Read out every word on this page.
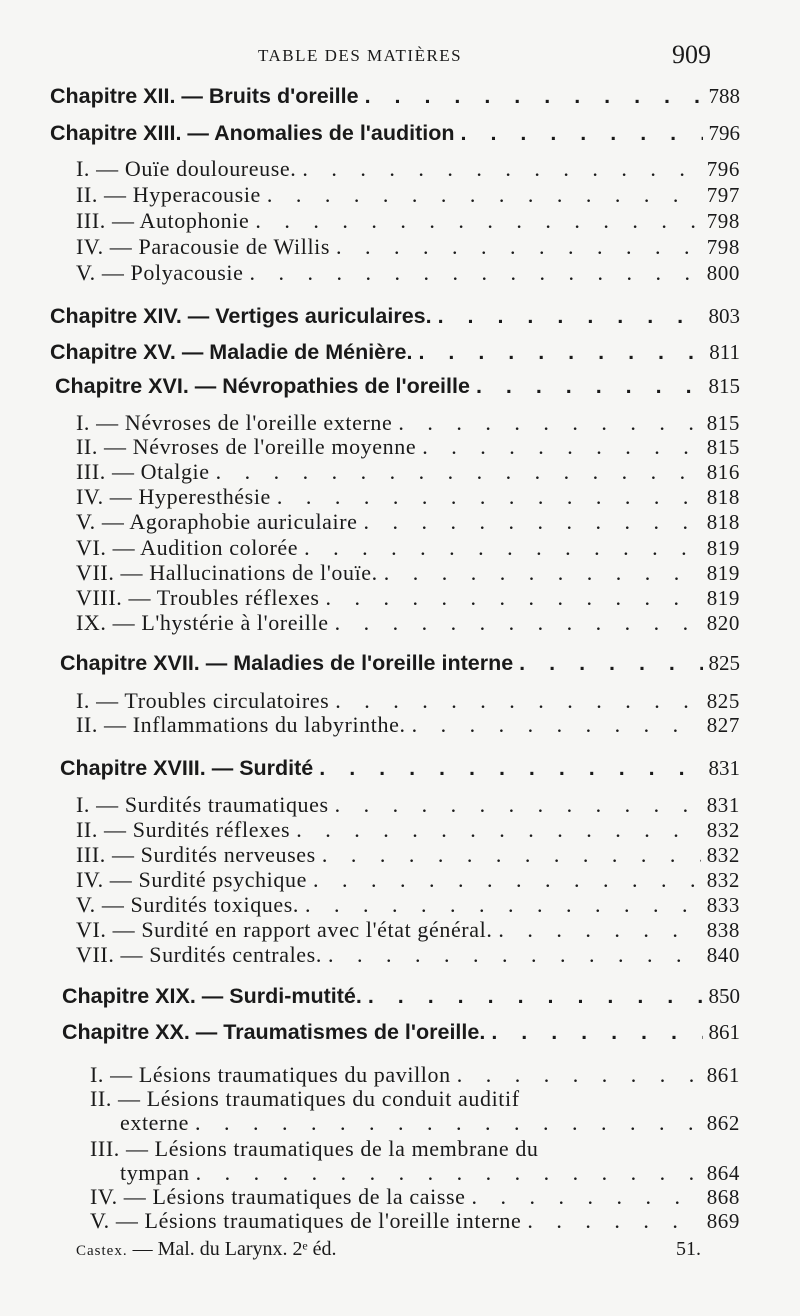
TABLE DES MATIÈRES	909
Chapitre XII. — Bruits d'oreille . . .	788
Chapitre XIII. — Anomalies de l'audition . . .	796
I. — Ouïe douloureuse. . . .	796
II. — Hyperacousie . . .	797
III. — Autophonie . . .	798
IV. — Paracousie de Willis . . .	798
V. — Polyacousie . . .	800
Chapitre XIV. — Vertiges auriculaires. . . .	803
Chapitre XV. — Maladie de Ménière. . . .	811
Chapitre XVI. — Névropathies de l'oreille . . .	815
I. — Névroses de l'oreille externe . . .	815
II. — Névroses de l'oreille moyenne . . .	815
III. — Otalgie . . .	816
IV. — Hyperesthésie . . .	818
V. — Agoraphobie auriculaire . . .	818
VI. — Audition colorée . . .	819
VII. — Hallucinations de l'ouïe. . . .	819
VIII. — Troubles réflexes . . .	819
IX. — L'hystérie à l'oreille . . .	820
Chapitre XVII. — Maladies de l'oreille interne . . .	825
I. — Troubles circulatoires . . .	825
II. — Inflammations du labyrinthe. . . .	827
Chapitre XVIII. — Surdité . . .	831
I. — Surdités traumatiques . . .	831
II. — Surdités réflexes . . .	832
III. — Surdités nerveuses . . .	832
IV. — Surdité psychique . . .	832
V. — Surdités toxiques. . . .	833
VI. — Surdité en rapport avec l'état général. . . .	838
VII. — Surdités centrales. . . .	840
Chapitre XIX. — Surdi-mutité. . . .	850
Chapitre XX. — Traumatismes de l'oreille. . . .	861
I. — Lésions traumatiques du pavillon . . .	861
II. — Lésions traumatiques du conduit auditif
externe . . .	862
III. — Lésions traumatiques de la membrane du
tympan . . .	864
IV. — Lésions traumatiques de la caisse . . .	868
V. — Lésions traumatiques de l'oreille interne . . .	869
Castex. — Mal. du Larynx. 2ᵉ éd.	51.
